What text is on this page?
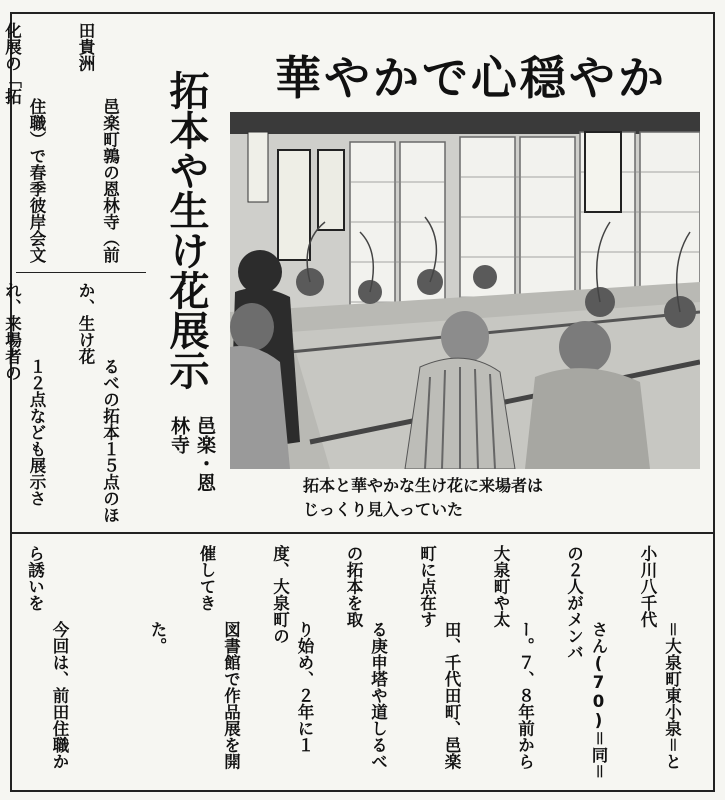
華やかで心穏やか
拓本や生け花展示
邑楽・恩林寺

邑楽町鶉の恩林寺（前田貴洲

住職）で春季彼岸会文化展の「拓

るべの拓本１５点のほか、生け花

１２点なども展示され、来場者の

拓本と華やかな生け花に来場者は
じっくり見入っていた

＝大泉町東小泉＝と小川八千代

さん(70)＝同＝の２人がメンバ

ー。７、８年前から大泉町や太

田、千代田町、邑楽町に点在す

る庚申塔や道しるべの拓本を取

り始め、２年に１度、大泉町の

図書館で作品展を開催してき

た。

今回は、前田住職から誘いを
